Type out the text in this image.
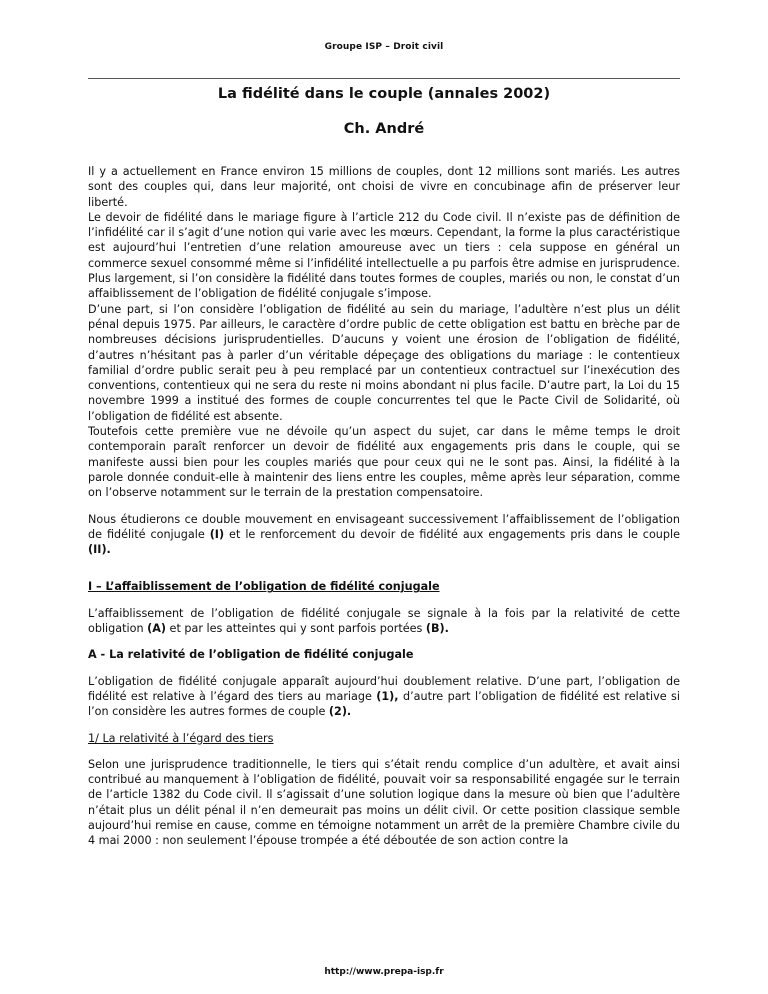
Groupe ISP – Droit civil
La fidélité dans le couple (annales 2002)
Ch. André

Il y a actuellement en France environ 15 millions de couples, dont 12 millions sont mariés. Les autres sont des couples qui, dans leur majorité, ont choisi de vivre en concubinage afin de préserver leur liberté.

Le devoir de fidélité dans le mariage figure à l’article 212 du Code civil. Il n’existe pas de définition de l’infidélité car il s’agit d’une notion qui varie avec les mœurs. Cependant, la forme la plus caractéristique est aujourd’hui l’entretien d’une relation amoureuse avec un tiers : cela suppose en général un commerce sexuel consommé même si l’infidélité intellectuelle a pu parfois être admise en jurisprudence. Plus largement, si l’on considère la fidélité dans toutes formes de couples, mariés ou non, le constat d’un affaiblissement de l’obligation de fidélité conjugale s’impose.

D’une part, si l’on considère l’obligation de fidélité au sein du mariage, l’adultère n’est plus un délit pénal depuis 1975. Par ailleurs, le caractère d’ordre public de cette obligation est battu en brèche par de nombreuses décisions jurisprudentielles. D’aucuns y voient une érosion de l’obligation de fidélité, d’autres n’hésitant pas à parler d’un véritable dépeçage des obligations du mariage : le contentieux familial d’ordre public serait peu à peu remplacé par un contentieux contractuel sur l’inexécution des conventions, contentieux qui ne sera du reste ni moins abondant ni plus facile. D’autre part, la Loi du 15 novembre 1999 a institué des formes de couple concurrentes tel que le Pacte Civil de Solidarité, où l’obligation de fidélité est absente.

Toutefois cette première vue ne dévoile qu’un aspect du sujet, car dans le même temps le droit contemporain paraît renforcer un devoir de fidélité aux engagements pris dans le couple, qui se manifeste aussi bien pour les couples mariés que pour ceux qui ne le sont pas. Ainsi, la fidélité à la parole donnée conduit-elle à maintenir des liens entre les couples, même après leur séparation, comme on l’observe notamment sur le terrain de la prestation compensatoire.

Nous étudierons ce double mouvement en envisageant successivement l’affaiblissement de l’obligation de fidélité conjugale (I) et le renforcement du devoir de fidélité aux engagements pris dans le couple (II).

I – L’affaiblissement de l’obligation de fidélité conjugale

L’affaiblissement de l’obligation de fidélité conjugale se signale à la fois par la relativité de cette obligation (A) et par les atteintes qui y sont parfois portées (B).

A - La relativité de l’obligation de fidélité conjugale

L’obligation de fidélité conjugale apparaît aujourd’hui doublement relative. D’une part, l’obligation de fidélité est relative à l’égard des tiers au mariage (1), d’autre part l’obligation de fidélité est relative si l’on considère les autres formes de couple (2).

1/ La relativité à l’égard des tiers

Selon une jurisprudence traditionnelle, le tiers qui s’était rendu complice d’un adultère, et avait ainsi contribué au manquement à l’obligation de fidélité, pouvait voir sa responsabilité engagée sur le terrain de l’article 1382 du Code civil. Il s’agissait d’une solution logique dans la mesure où bien que l’adultère n’était plus un délit pénal il n’en demeurait pas moins un délit civil. Or cette position classique semble aujourd’hui remise en cause, comme en témoigne notamment un arrêt de la première Chambre civile du 4 mai 2000 : non seulement l’épouse trompée a été déboutée de son action contre la

http://www.prepa-isp.fr
